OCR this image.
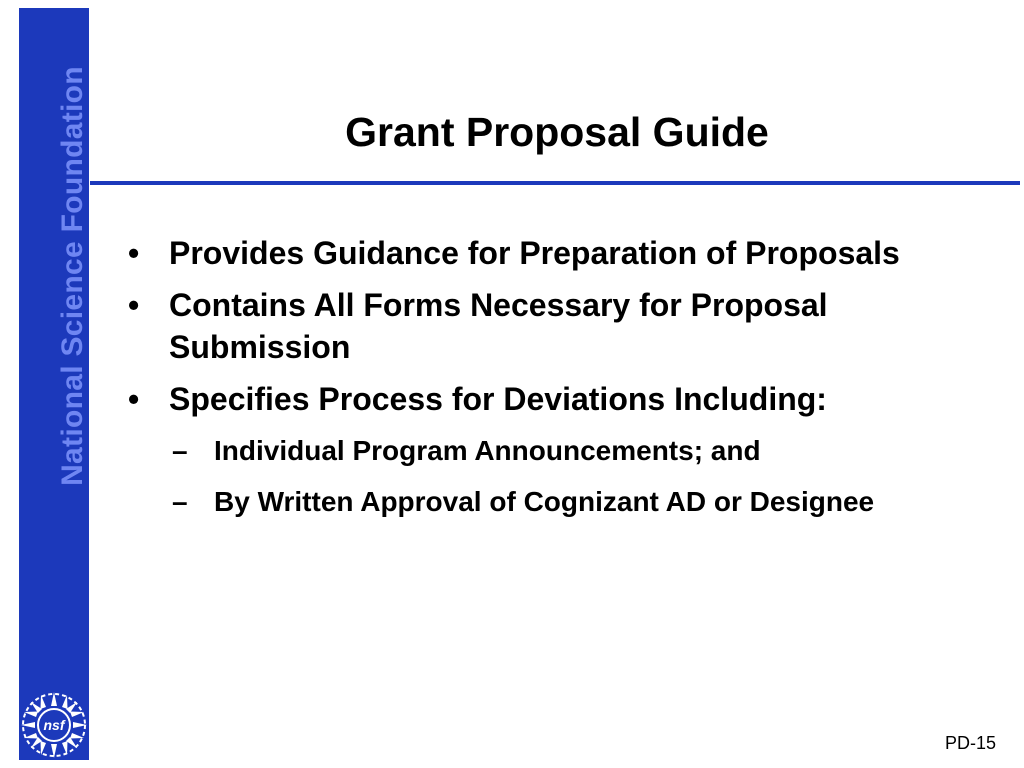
National Science Foundation
nsf
Grant Proposal Guide
• Provides Guidance for Preparation of Proposals
• Contains All Forms Necessary for Proposal Submission
• Specifies Process for Deviations Including:
– Individual Program Announcements; and
– By Written Approval of Cognizant AD or Designee
PD-15
